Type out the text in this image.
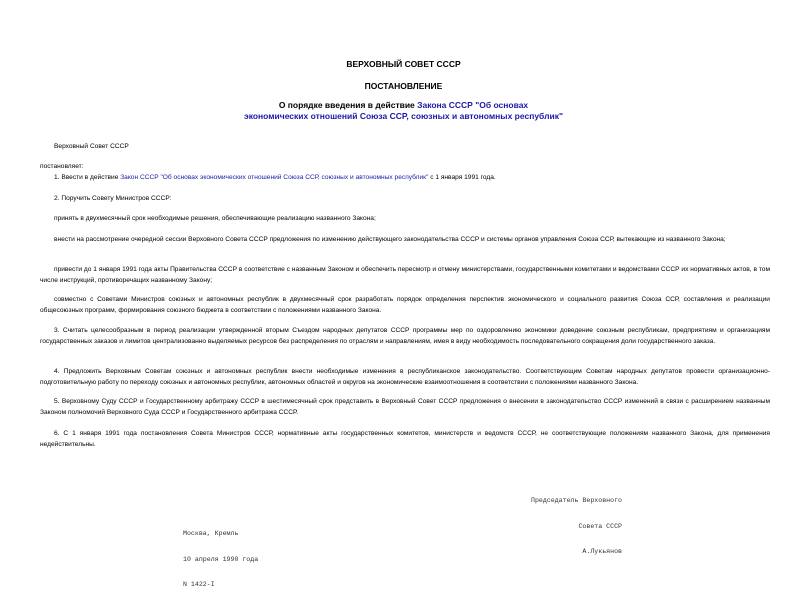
ВЕРХОВНЫЙ СОВЕТ СССР
ПОСТАНОВЛЕНИЕ
О порядке введения в действие Закона СССР "Об основах
экономических отношений Союза ССР, союзных и автономных республик"
Верховный Совет СССР
постановляет:
1. Ввести в действие Закон СССР "Об основах экономических отношений Союза ССР, союзных и автономных республик" с 1 января 1991 года.
2. Поручить Совету Министров СССР:
принять в двухмесячный срок необходимые решения, обеспечивающие реализацию названного Закона;
внести на рассмотрение очередной сессии Верховного Совета СССР предложения по изменению действующего законодательства СССР и системы органов управления Союза ССР, вытекающие из названного Закона;
привести до 1 января 1991 года акты Правительства СССР в соответствие с названным Законом и обеспечить пересмотр и отмену министерствами, государственными комитетами и ведомствами СССР их нормативных актов, в том числе инструкций, противоречащих названному Закону;
совместно с Советами Министров союзных и автономных республик в двухмесячный срок разработать порядок определения перспектив экономического и социального развития Союза ССР, составления и реализации общесоюзных программ, формирования союзного бюджета в соответствии с положениями названного Закона.
3. Считать целесообразным в период реализации утвержденной вторым Съездом народных депутатов СССР программы мер по оздоровлению экономики доведение союзным республикам, предприятиям и организациям государственных заказов и лимитов централизованно выделяемых ресурсов без распределения по отраслям и направлениям, имея в виду необходимость последовательного сокращения доли государственного заказа.
4. Предложить Верховным Советам союзных и автономных республик внести необходимые изменения в республиканское законодательство. Соответствующим Советам народных депутатов провести организационно-подготовительную работу по переходу союзных и автономных республик, автономных областей и округов на экономические взаимоотношения в соответствии с положениями названного Закона.
5. Верховному Суду СССР и Государственному арбитражу СССР в шестимесячный срок представить в Верховный Совет СССР предложения о внесении в законодательство СССР изменений в связи с расширением названным Законом полномочий Верховного Суда СССР и Государственного арбитража СССР.
6. С 1 января 1991 года постановления Совета Министров СССР, нормативные акты государственных комитетов, министерств и ведомств СССР, не соответствующие положениям названного Закона, для применения недействительны.

Председатель Верховного

Совета СССР

А.Лукьянов

Москва, Кремль

10 апреля 1990 года

N 1422-I
